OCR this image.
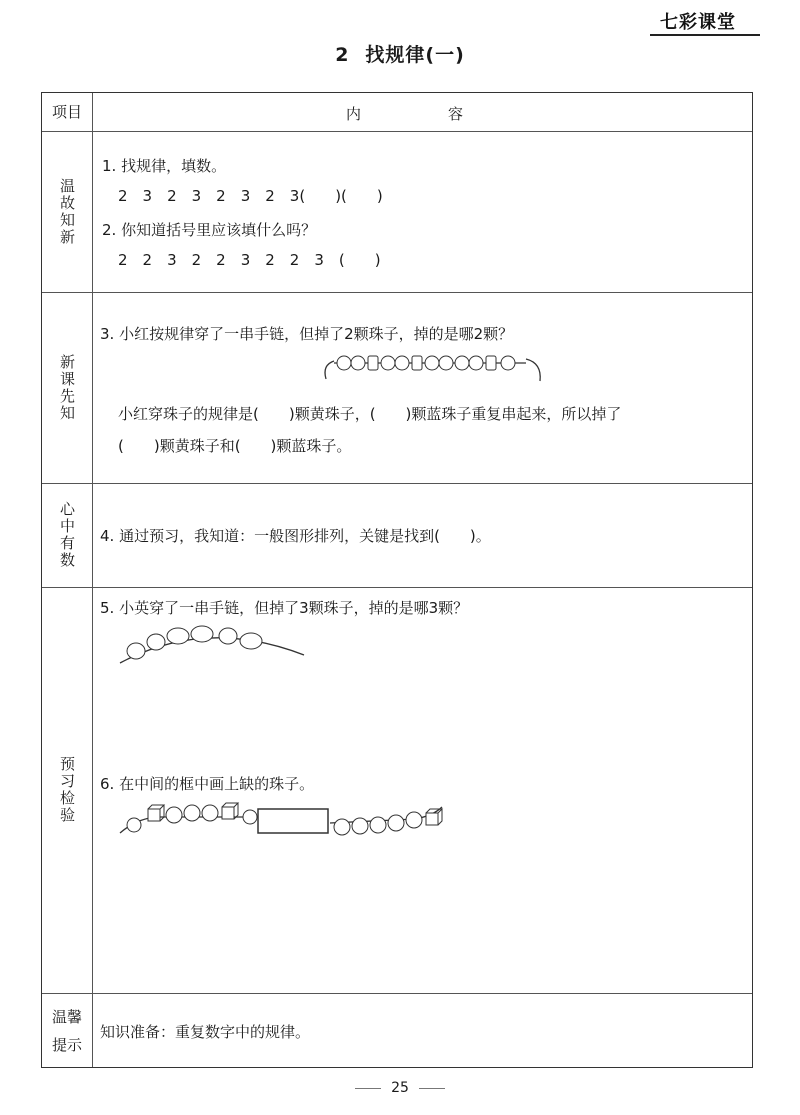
七彩课堂
2 找规律(一)
项目	内　容
温故知新
新课先知
心中有数
预习检验
温馨
提示
1. 找规律，填数。
2　3　2　3　2　3　2　3(　　)(　　)
2. 你知道括号里应该填什么吗？
2　2　3　2　2　3　2　2　3　(　　)
3. 小红按规律穿了一串手链，但掉了2颗珠子，掉的是哪2颗？
小红穿珠子的规律是(　　)颗黄珠子，(　　)颗蓝珠子重复串起来，所以掉了
(　　)颗黄珠子和(　　)颗蓝珠子。
4. 通过预习，我知道：一般图形排列，关键是找到(　　)。
5. 小英穿了一串手链，但掉了3颗珠子，掉的是哪3颗？
6. 在中间的框中画上缺的珠子。
知识准备：重复数字中的规律。
25
